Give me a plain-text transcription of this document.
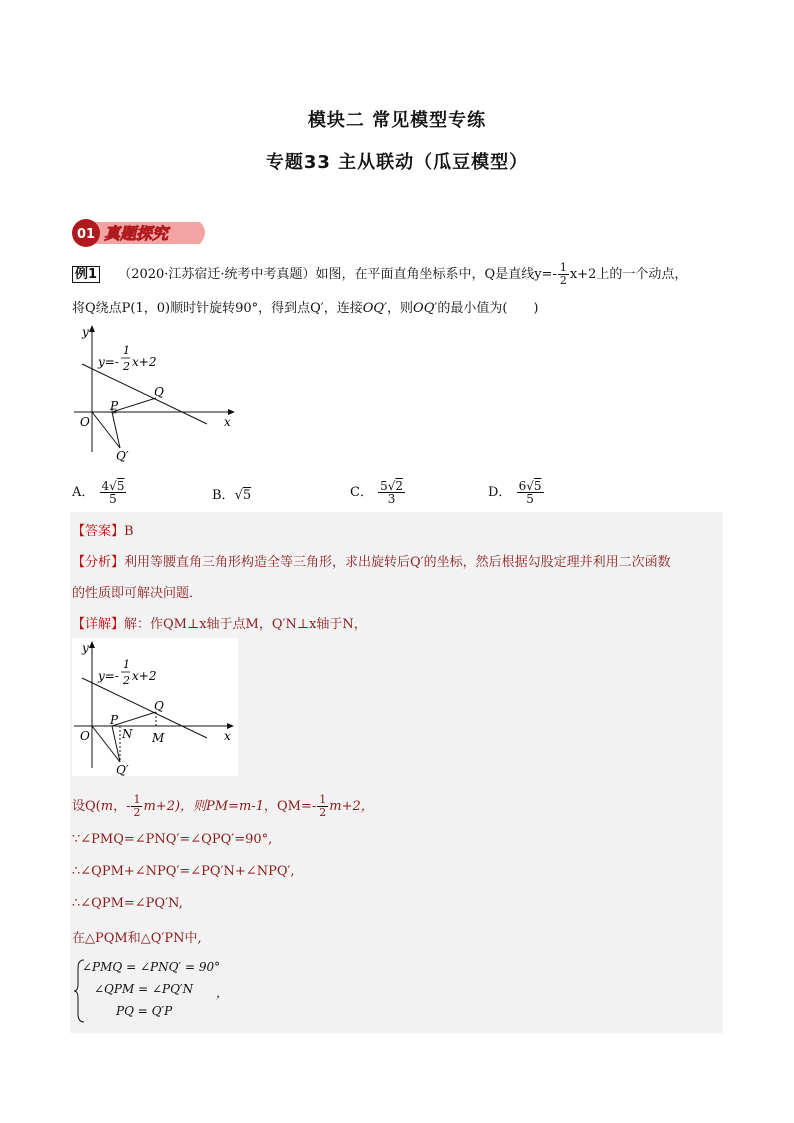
模块二 常见模型专练
专题33 主从联动（瓜豆模型）
01 真题探究
例1 （2020·江苏宿迁·统考中考真题）如图，在平面直角坐标系中，Q是直线$y=- \frac{1}{2} x+2$上的一个动点，
将Q绕点P(1，0)顺时针旋转90°，得到点Q′，连接OQ′，则OQ′的最小值为(　　)
y
x
O
P
Q
Q′
y=-
1
2 x+2
A． $\frac{4√5}{5}$	B．√5	C． $\frac{5√2}{3}$	D． $\frac{6√5}{5}$
【答案】B
【分析】利用等腰直角三角形构造全等三角形，求出旋转后Q′的坐标，然后根据勾股定理并利用二次函数
的性质即可解决问题．
【详解】解：作QM⊥x轴于点M，Q′N⊥x轴于N，
y
x
O
P
Q
N M
Q′
y=-
1
2 x+2
设Q(m，- $\frac{1}{2} m+2$)，则PM=m-1，$QM=- \frac{1}{2} m+2$，
∵∠PMQ=∠PNQ′=∠QPQ′=90°,
∴∠QPM+∠NPQ′=∠PQ′N+∠NPQ′,
∴∠QPM=∠PQ′N,
在△PQM和△Q′PN中,
∠PMQ = ∠PNQ′ = 90°
∠QPM = ∠PQ′N ，
PQ = Q′P
